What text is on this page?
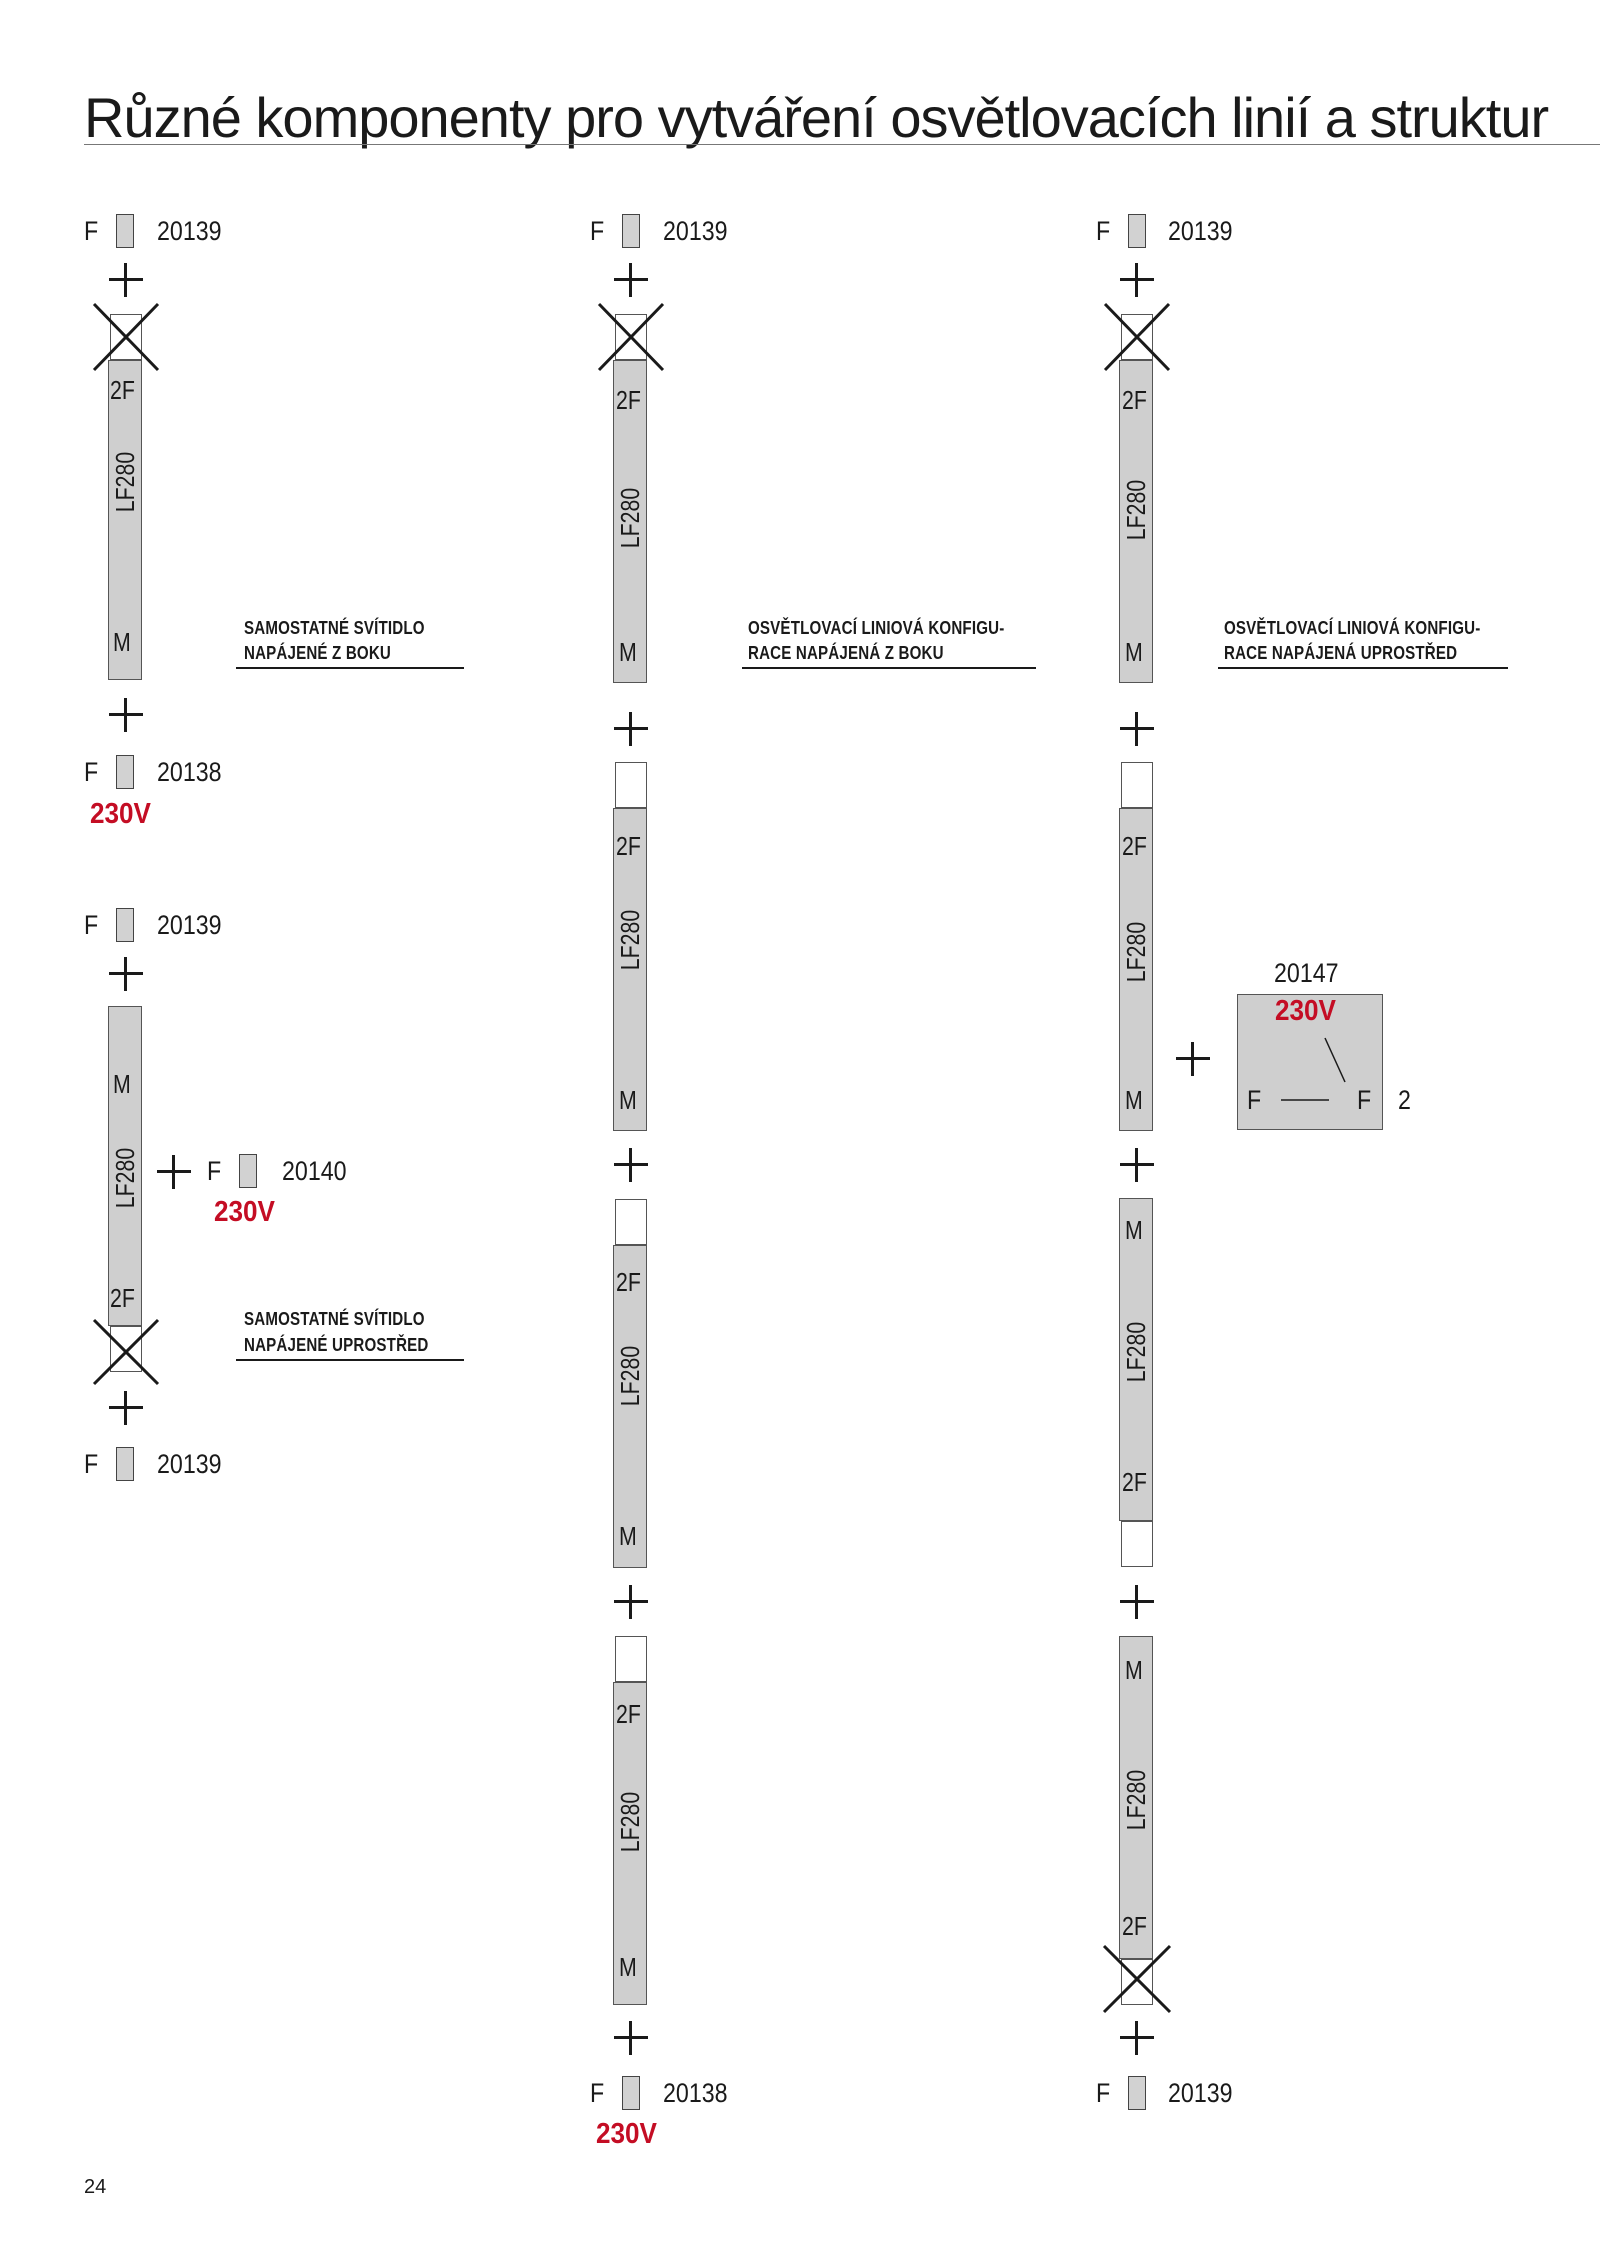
Různé komponenty pro vytváření osvětlovacích linií a struktur
F 20139
2F
LF280
M	SAMOSTATNÉ SVÍTIDLO
NAPÁJENÉ Z BOKU
F 20138
230V
F 20139
M
LF280
2F
F 20140
230V
SAMOSTATNÉ SVÍTIDLO
NAPÁJENÉ UPROSTŘED
F 20139
F 20139
2F
LF280
M
OSVĚTLOVACÍ LINIOVÁ KONFIGU-
RACE NAPÁJENÁ Z BOKU
2F
LF280
M
2F
LF280
M
2F
LF280
M
F 20138
230V
F 20139
2F
LF280
M
OSVĚTLOVACÍ LINIOVÁ KONFIGU-
RACE NAPÁJENÁ UPROSTŘED
2F
LF280
M
20147
230V
F	F 2
M
LF280
2F
M
LF280
2F
F 20139
24
